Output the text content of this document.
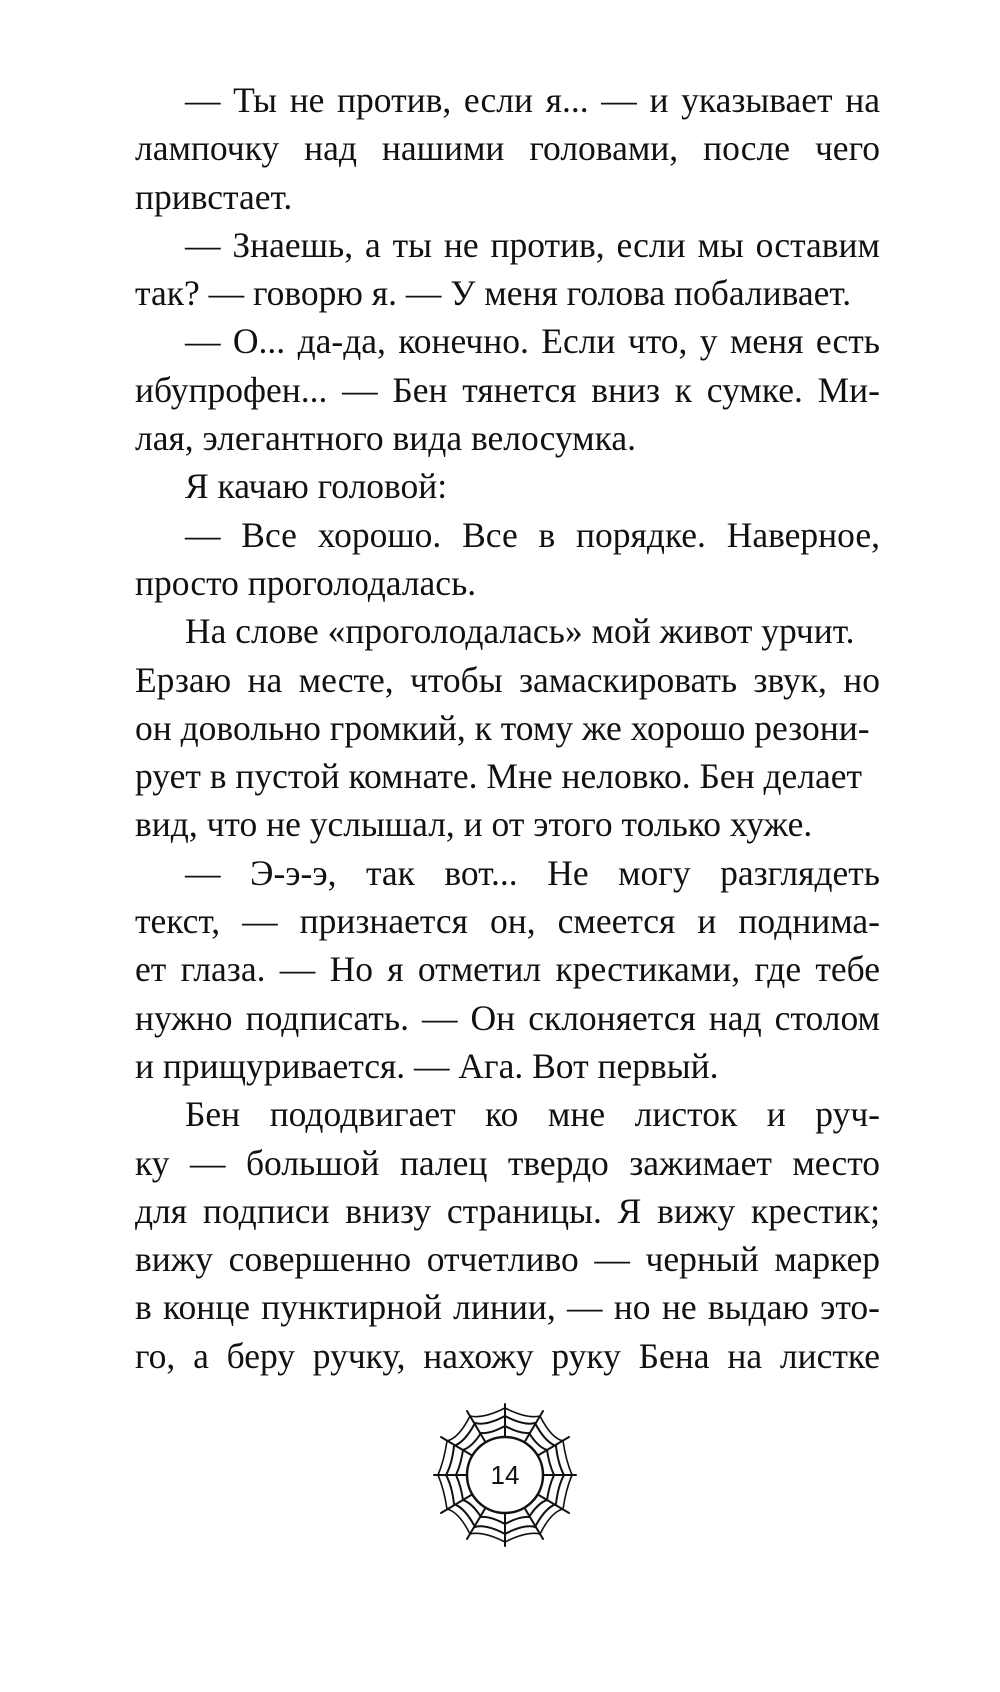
— Ты не против, если я... — и указывает на
лампочку над нашими головами, после чего
привстает.
— Знаешь, а ты не против, если мы оставим
так? — говорю я. — У меня голова побаливает.
— О... да-да, конечно. Если что, у меня есть
ибупрофен... — Бен тянется вниз к сумке. Ми-
лая, элегантного вида велосумка.
Я качаю головой:
— Все хорошо. Все в порядке. Наверное,
просто проголодалась.
На слове «проголодалась» мой живот урчит.
Ерзаю на месте, чтобы замаскировать звук, но
он довольно громкий, к тому же хорошо резони-
рует в пустой комнате. Мне неловко. Бен делает
вид, что не услышал, и от этого только хуже.
— Э-э-э, так вот... Не могу разглядеть
текст, — признается он, смеется и поднима-
ет глаза. — Но я отметил крестиками, где тебе
нужно подписать. — Он склоняется над столом
и прищуривается. — Ага. Вот первый.
Бен пододвигает ко мне листок и руч-
ку — большой палец твердо зажимает место
для подписи внизу страницы. Я вижу крестик;
вижу совершенно отчетливо — черный маркер
в конце пунктирной линии, — но не выдаю это-
го, а беру ручку, нахожу руку Бена на листке
14
